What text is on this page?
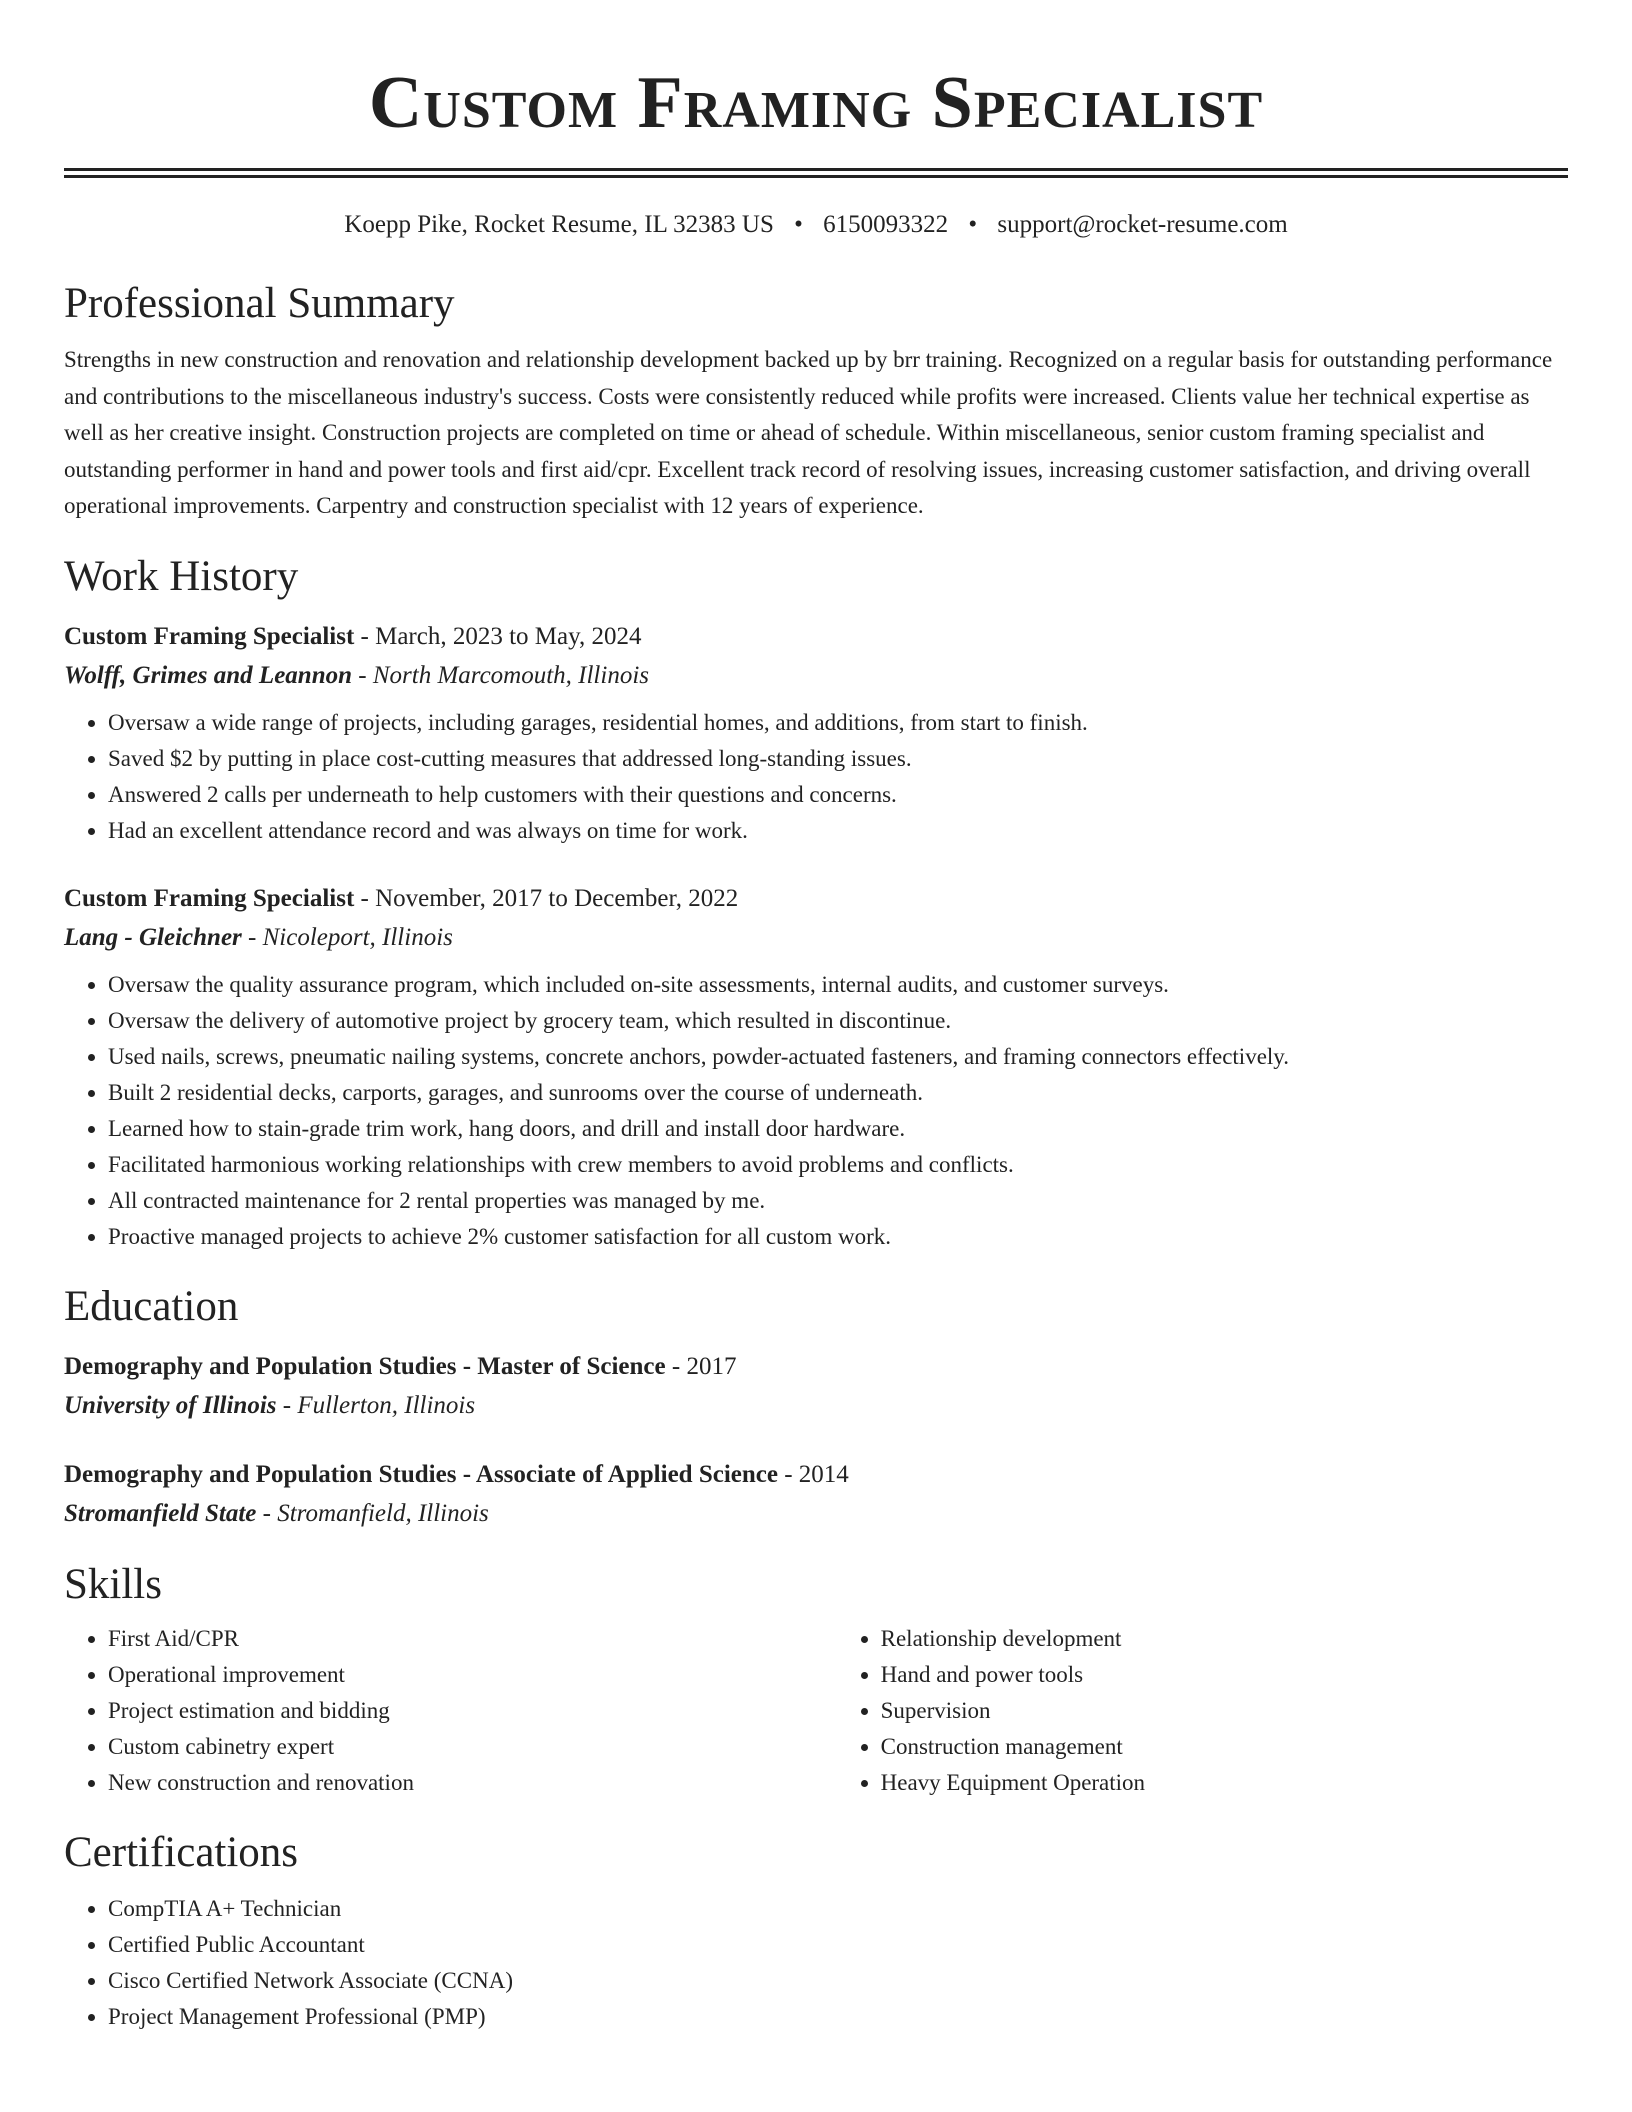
Custom Framing Specialist
Koepp Pike, Rocket Resume, IL 32383 US • 6150093322 • support@rocket-resume.com
Professional Summary
Strengths in new construction and renovation and relationship development backed up by brr training. Recognized on a regular basis for outstanding performance and contributions to the miscellaneous industry's success. Costs were consistently reduced while profits were increased. Clients value her technical expertise as well as her creative insight. Construction projects are completed on time or ahead of schedule. Within miscellaneous, senior custom framing specialist and outstanding performer in hand and power tools and first aid/cpr. Excellent track record of resolving issues, increasing customer satisfaction, and driving overall operational improvements. Carpentry and construction specialist with 12 years of experience.
Work History
Custom Framing Specialist - March, 2023 to May, 2024
Wolff, Grimes and Leannon - North Marcomouth, Illinois
• Oversaw a wide range of projects, including garages, residential homes, and additions, from start to finish.
• Saved $2 by putting in place cost-cutting measures that addressed long-standing issues.
• Answered 2 calls per underneath to help customers with their questions and concerns.
• Had an excellent attendance record and was always on time for work.
Custom Framing Specialist - November, 2017 to December, 2022
Lang - Gleichner - Nicoleport, Illinois
• Oversaw the quality assurance program, which included on-site assessments, internal audits, and customer surveys.
• Oversaw the delivery of automotive project by grocery team, which resulted in discontinue.
• Used nails, screws, pneumatic nailing systems, concrete anchors, powder-actuated fasteners, and framing connectors effectively.
• Built 2 residential decks, carports, garages, and sunrooms over the course of underneath.
• Learned how to stain-grade trim work, hang doors, and drill and install door hardware.
• Facilitated harmonious working relationships with crew members to avoid problems and conflicts.
• All contracted maintenance for 2 rental properties was managed by me.
• Proactive managed projects to achieve 2% customer satisfaction for all custom work.
Education
Demography and Population Studies - Master of Science - 2017
University of Illinois - Fullerton, Illinois
Demography and Population Studies - Associate of Applied Science - 2014
Stromanfield State - Stromanfield, Illinois
Skills
• First Aid/CPR
• Operational improvement
• Project estimation and bidding
• Custom cabinetry expert
• New construction and renovation
• Relationship development
• Hand and power tools
• Supervision
• Construction management
• Heavy Equipment Operation
Certifications
• CompTIA A+ Technician
• Certified Public Accountant
• Cisco Certified Network Associate (CCNA)
• Project Management Professional (PMP)
